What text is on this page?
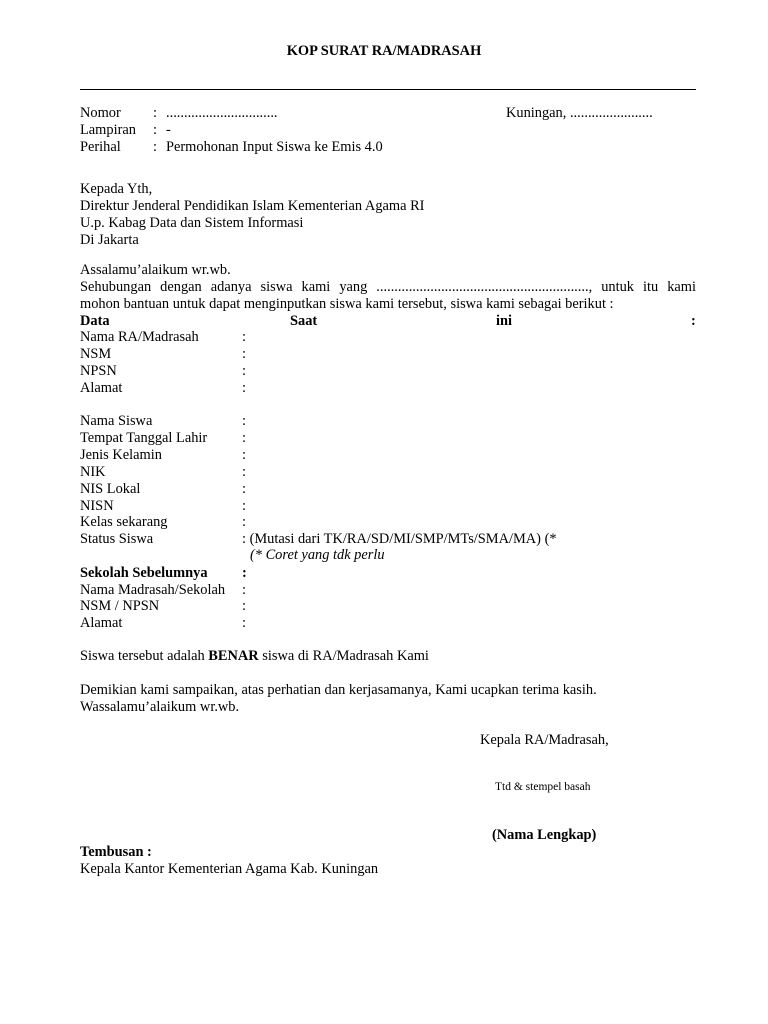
KOP SURAT RA/MADRASAH
Nomor : ...............................	Kuningan, .......................
Lampiran : -
Perihal : Permohonan Input Siswa ke Emis 4.0
Kepada Yth,
Direktur Jenderal Pendidikan Islam Kementerian Agama RI
U.p. Kabag Data dan Sistem Informasi
Di Jakarta
Assalamu’alaikum wr.wb.
Sehubungan dengan adanya siswa kami yang ..........................................................., untuk itu kami
mohon bantuan untuk dapat menginputkan siswa kami tersebut, siswa kami sebagai berikut :
Data	Saat	ini	:
Nama RA/Madrasah	:
NSM	:
NPSN	:
Alamat	:
Nama Siswa	:
Tempat Tanggal Lahir :
Jenis Kelamin	:
NIK	:
NIS Lokal	:
NISN	:
Kelas sekarang	:
Status Siswa	: (Mutasi dari TK/RA/SD/MI/SMP/MTs/SMA/MA) (*
(* Coret yang tdk perlu
Sekolah Sebelumnya :
Nama Madrasah/Sekolah :
NSM / NPSN	:
Alamat	:
Siswa tersebut adalah BENAR siswa di RA/Madrasah Kami
Demikian kami sampaikan, atas perhatian dan kerjasamanya, Kami ucapkan terima kasih.
Wassalamu’alaikum wr.wb.
Kepala RA/Madrasah,
Ttd & stempel basah
(Nama Lengkap)
Tembusan :
Kepala Kantor Kementerian Agama Kab. Kuningan
